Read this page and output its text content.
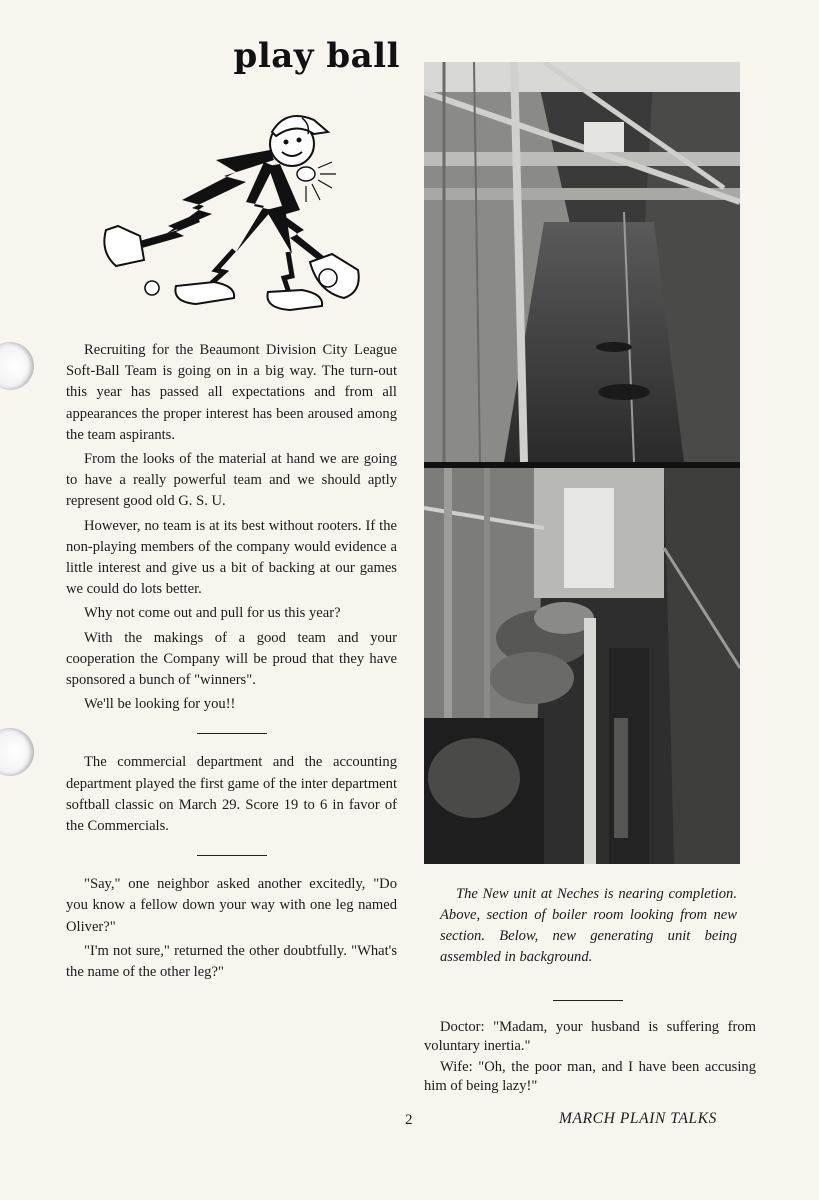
play ball

Recruiting for the Beaumont Division City League Soft-Ball Team is going on in a big way. The turn-out this year has passed all expectations and from all appearances the proper interest has been aroused among the team aspirants.

From the looks of the material at hand we are going to have a really powerful team and we should aptly represent good old G. S. U.

However, no team is at its best without rooters. If the non-playing members of the company would evidence a little interest and give us a bit of backing at our games we could do lots better.

Why not come out and pull for us this year?

With the makings of a good team and your cooperation the Company will be proud that they have sponsored a bunch of "winners".

We'll be looking for you!!

The commercial department and the accounting department played the first game of the inter department softball classic on March 29. Score 19 to 6 in favor of the Commercials.

"Say," one neighbor asked another excitedly, "Do you know a fellow down your way with one leg named Oliver?"

"I'm not sure," returned the other doubtfully. "What's the name of the other leg?"

The New unit at Neches is nearing completion. Above, section of boiler room looking from new section. Below, new generating unit being assembled in background.

Doctor: "Madam, your husband is suffering from voluntary inertia."

Wife: "Oh, the poor man, and I have been accusing him of being lazy!"

2	MARCH PLAIN TALKS
